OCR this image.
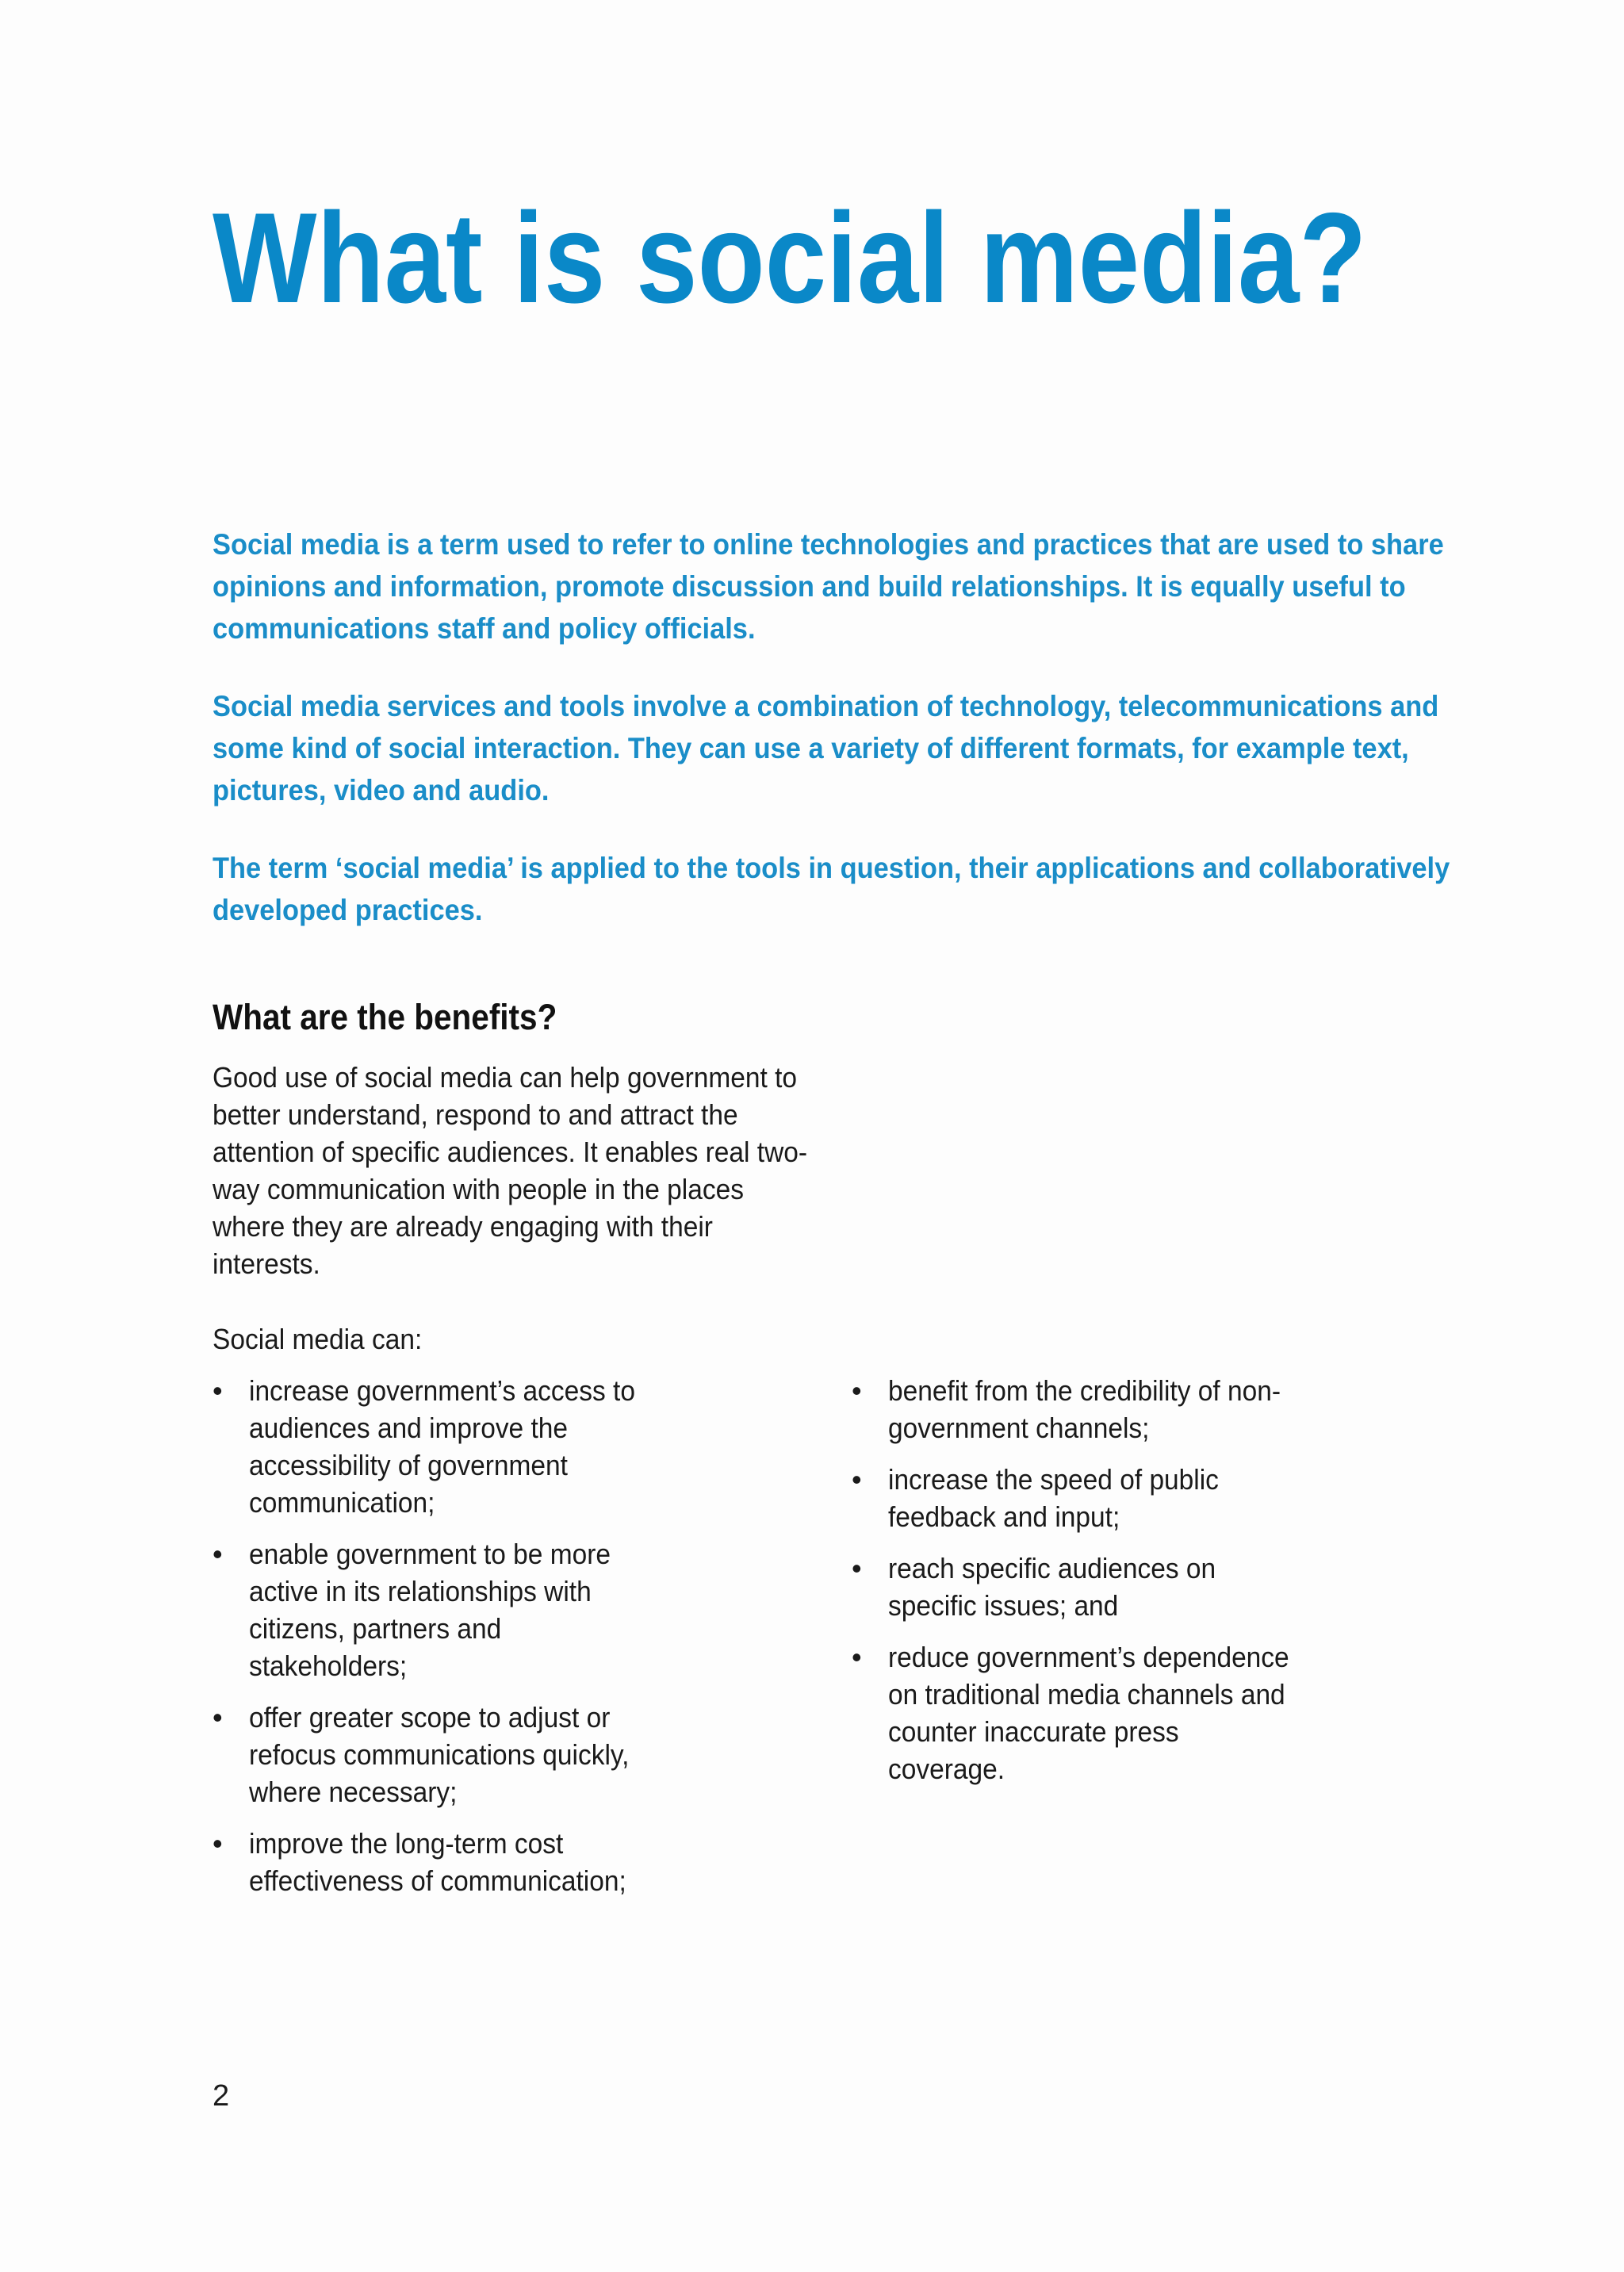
What is social media?

Social media is a term used to refer to online technologies and practices that are used to share opinions and information, promote discussion and build relationships. It is equally useful to communications staff and policy officials.

Social media services and tools involve a combination of technology, telecommunications and some kind of social interaction. They can use a variety of different formats, for example text, pictures, video and audio.

The term ‘social media’ is applied to the tools in question, their applications and collaboratively developed practices.

What are the benefits?

Good use of social media can help government to better understand, respond to and attract the attention of specific audiences. It enables real two-way communication with people in the places where they are already engaging with their interests.

Social media can:

• increase government’s access to audiences and improve the accessibility of government communication;
• enable government to be more active in its relationships with citizens, partners and stakeholders;
• offer greater scope to adjust or refocus communications quickly, where necessary;
• improve the long-term cost effectiveness of communication;
• benefit from the credibility of non-government channels;
• increase the speed of public feedback and input;
• reach specific audiences on specific issues; and
• reduce government’s dependence on traditional media channels and counter inaccurate press coverage.

2
